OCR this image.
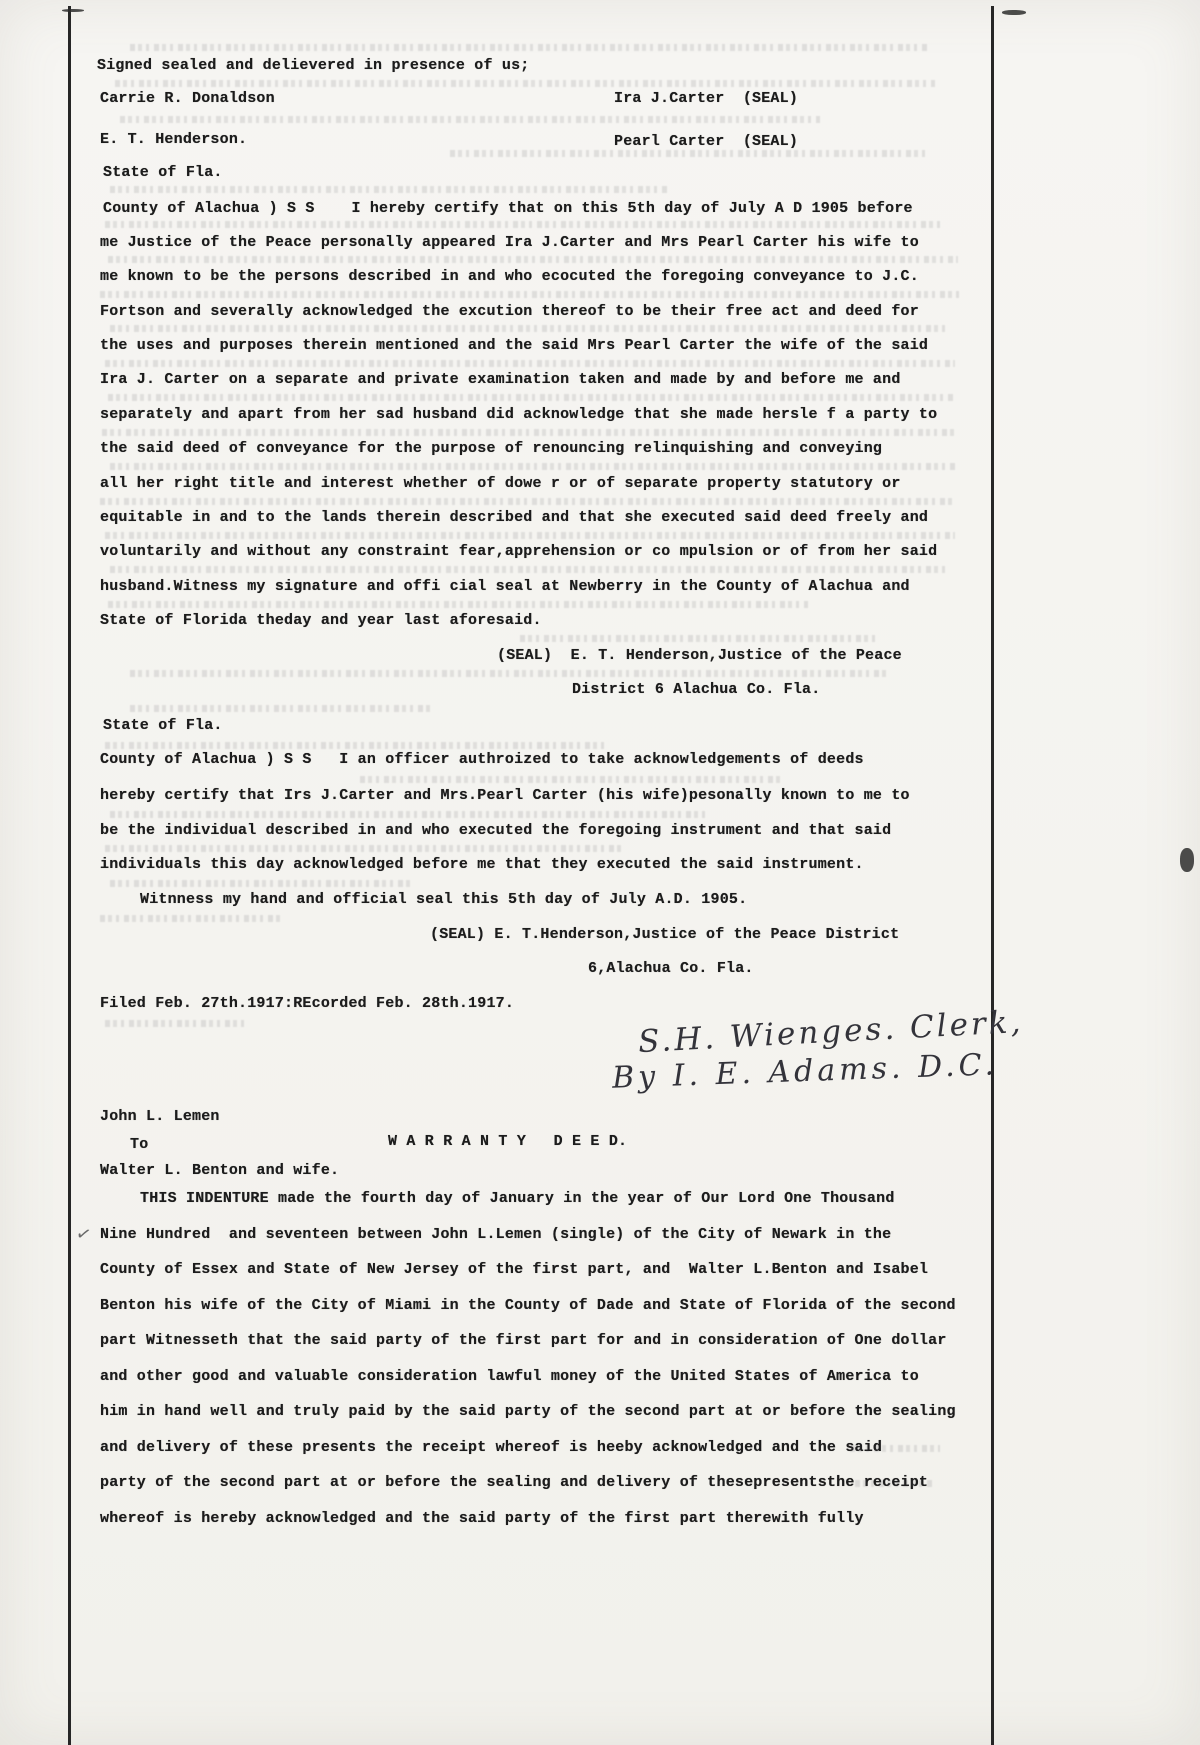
Signed sealed and delievered in presence of us;
Carrie R. Donaldson	Ira J.Carter  (SEAL)
E. T. Henderson.	Pearl Carter  (SEAL)
State of Fla.
County of Alachua ) S S    I hereby certify that on this 5th day of July A D 1905 before
me Justice of the Peace personally appeared Ira J.Carter and Mrs Pearl Carter his wife to
me known to be the persons described in and who ecocuted the foregoing conveyance to J.C.
Fortson and severally acknowledged the excution thereof to be their free act and deed for
the uses and purposes therein mentioned and the said Mrs Pearl Carter the wife of the said
Ira J. Carter on a separate and private examination taken and made by and before me and
separately and apart from her sad husband did acknowledge that she made hersle f a party to
the said deed of conveyance for the purpose of renouncing relinquishing and conveying
all her right title and interest whether of dowe r or of separate property statutory or
equitable in and to the lands therein described and that she executed said deed freely and
voluntarily and without any constraint fear,apprehension or co mpulsion or of from her said
husband.Witness my signature and offi cial seal at Newberry in the County of Alachua and
State of Florida theday and year last aforesaid.
(SEAL)  E. T. Henderson,Justice of the Peace
District 6 Alachua Co. Fla.
State of Fla.
County of Alachua ) S S   I an officer authroized to take acknowledgements of deeds
hereby certify that Irs J.Carter and Mrs.Pearl Carter (his wife)pesonally known to me to
be the individual described in and who executed the foregoing instrument and that said
individuals this day acknowledged before me that they executed the said instrument.
Witnness my hand and official seal this 5th day of July A.D. 1905.
(SEAL) E. T.Henderson,Justice of the Peace District
6,Alachua Co. Fla.
Filed Feb. 27th.1917:REcorded Feb. 28th.1917.
John L. Lemen
To	W A R R A N T Y   D E E D.
Walter L. Benton and wife.
THIS INDENTURE made the fourth day of January in the year of Our Lord One Thousand
Nine Hundred  and seventeen between John L.Lemen (single) of the City of Newark in the
County of Essex and State of New Jersey of the first part, and  Walter L.Benton and Isabel
Benton his wife of the City of Miami in the County of Dade and State of Florida of the second
part Witnesseth that the said party of the first part for and in consideration of One dollar
and other good and valuable consideration lawful money of the United States of America to
him in hand well and truly paid by the said party of the second part at or before the sealing
and delivery of these presents the receipt whereof is heeby acknowledged and the said
party of the second part at or before the sealing and delivery of thesepresentsthe receipt
whereof is hereby acknowledged and the said party of the first part therewith fully
S.H. Wienges. Clerk,
By I. E. Adams. D.C.
✓
